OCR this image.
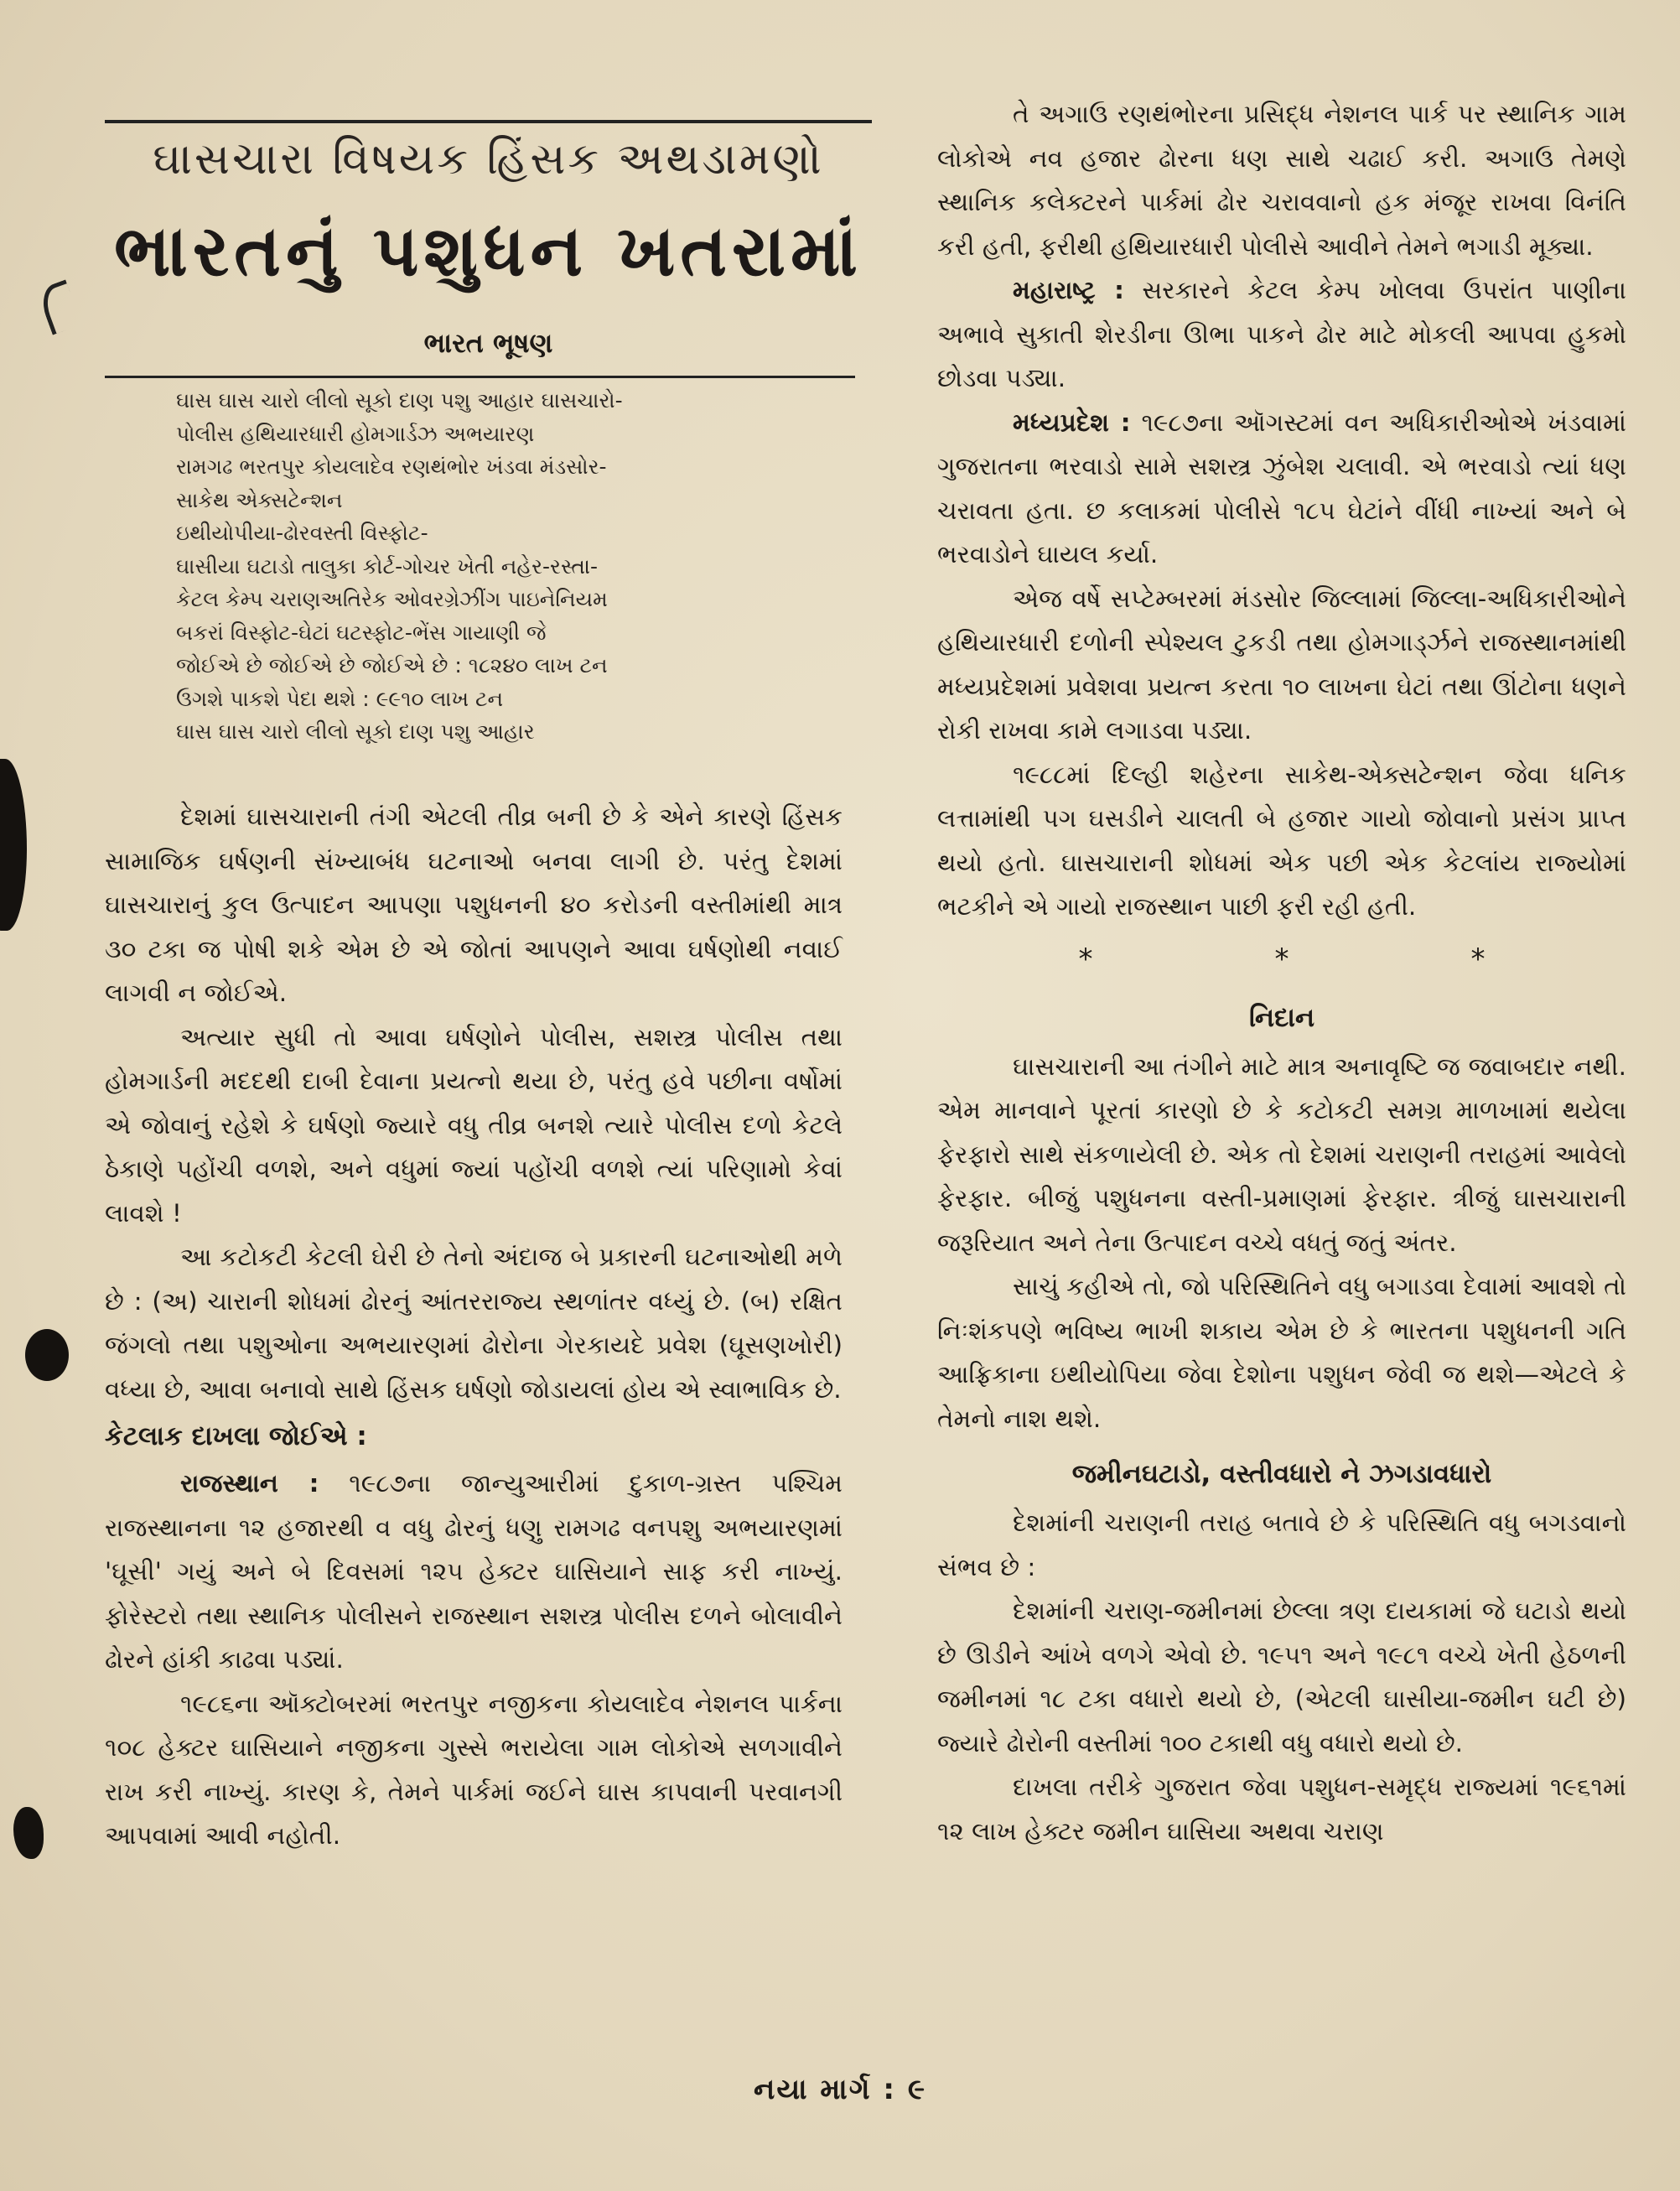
ઘાસચારા વિષયક હિંસક અથડામણો
ભારતનું પશુધન ખતરામાં
ભારત ભૂષણ
ઘાસ ઘાસ ચારો લીલો સૂકો દાણ પશુ આહાર ઘાસચારો-
પોલીસ હથિયારધારી હોમગાર્ડઝ અભયારણ
રામગઢ ભરતપુર કોયલાદેવ રણથંભોર ખંડવા મંડસોર-
સાકેથ એક્સટેન્શન
ઇથીયોપીયા-ઢોરવસ્તી વિસ્ફોટ-
ઘાસીયા ઘટાડો તાલુકા કોર્ટ-ગોચર ખેતી નહેર-રસ્તા-
કેટલ કેમ્પ ચરાણઅતિરેક ઓવરગ્રેઝીંગ પાઇનેનિયમ
બકરાં વિસ્ફોટ-ઘેટાં ઘટસ્ફોટ-ભેંસ ગાયાણી જે
જોઈએ છે જોઈએ છે જોઈએ છે : ૧૮૨૪૦ લાખ ટન
ઉગશે પાકશે પેદા થશે : ૯૯૧૦ લાખ ટન
ઘાસ ઘાસ ચારો લીલો સૂકો દાણ પશુ આહાર

દેશમાં ઘાસચારાની તંગી એટલી તીવ્ર બની છે કે એને કારણે હિંસક સામાજિક ઘર્ષણની સંખ્યાબંધ ઘટનાઓ બનવા લાગી છે. પરંતુ દેશમાં ઘાસચારાનું કુલ ઉત્પાદન આપણા પશુધનની ૪૦ કરોડની વસ્તીમાંથી માત્ર ૩૦ ટકા જ પોષી શકે એમ છે એ જોતાં આપણને આવા ઘર્ષણોથી નવાઈ લાગવી ન જોઈએ.

અત્યાર સુધી તો આવા ઘર્ષણોને પોલીસ, સશસ્ત્ર પોલીસ તથા હોમગાર્ડની મદદથી દાબી દેવાના પ્રયત્નો થયા છે, પરંતુ હવે પછીના વર્ષોમાં એ જોવાનું રહેશે કે ઘર્ષણો જ્યારે વધુ તીવ્ર બનશે ત્યારે પોલીસ દળો કેટલે ઠેકાણે પહોંચી વળશે, અને વધુમાં જ્યાં પહોંચી વળશે ત્યાં પરિણામો કેવાં લાવશે !

આ કટોકટી કેટલી ઘેરી છે તેનો અંદાજ બે પ્રકારની ઘટનાઓથી મળે છે : (અ) ચારાની શોધમાં ઢોરનું આંતરરાજ્ય સ્થળાંતર વધ્યું છે. (બ) રક્ષિત જંગલો તથા પશુઓના અભયારણમાં ઢોરોના ગેરકાયદે પ્રવેશ (ઘૂસણખોરી) વધ્યા છે, આવા બનાવો સાથે હિંસક ઘર્ષણો જોડાયલાં હોય એ સ્વાભાવિક છે.

કેટલાક દાખલા જોઈએ :

રાજસ્થાન : ૧૯૮૭ના જાન્યુઆરીમાં દુકાળ-ગ્રસ્ત પશ્ચિમ રાજસ્થાનના ૧૨ હજારથી વ વધુ ઢોરનું ધણુ રામગઢ વનપશુ અભયારણમાં 'ઘૂસી' ગયું અને બે દિવસમાં ૧૨૫ હેક્ટર ઘાસિયાને સાફ કરી નાખ્યું. ફોરેસ્ટરો તથા સ્થાનિક પોલીસને રાજસ્થાન સશસ્ત્ર પોલીસ દળને બોલાવીને ઢોરને હાંકી કાઢવા પડ્યાં.

૧૯૮૬ના ઑક્ટોબરમાં ભરતપુર નજીકના કોયલાદેવ નેશનલ પાર્કના ૧૦૮ હેક્ટર ઘાસિયાને નજીકના ગુસ્સે ભરાયેલા ગામ લોકોએ સળગાવીને રાખ કરી નાખ્યું. કારણ કે, તેમને પાર્કમાં જઈને ઘાસ કાપવાની પરવાનગી આપવામાં આવી નહોતી.

તે અગાઉ રણથંભોરના પ્રસિદ્ધ નેશનલ પાર્ક પર સ્થાનિક ગામ લોકોએ નવ હજાર ઢોરના ધણ સાથે ચઢાઈ કરી. અગાઉ તેમણે સ્થાનિક કલેક્ટરને પાર્કમાં ઢોર ચરાવવાનો હક મંજૂર રાખવા વિનંતિ કરી હતી, ફરીથી હથિયારધારી પોલીસે આવીને તેમને ભગાડી મૂક્યા.

મહારાષ્ટ્ર : સરકારને કેટલ કેમ્પ ખોલવા ઉપરાંત પાણીના અભાવે સુકાતી શેરડીના ઊભા પાકને ઢોર માટે મોકલી આપવા હુકમો છોડવા પડ્યા.

મધ્યપ્રદેશ : ૧૯૮૭ના ઑગસ્ટમાં વન અધિકારીઓએ ખંડવામાં ગુજરાતના ભરવાડો સામે સશસ્ત્ર ઝુંબેશ ચલાવી. એ ભરવાડો ત્યાં ધણ ચરાવતા હતા. છ કલાકમાં પોલીસે ૧૮૫ ઘેટાંને વીંધી નાખ્યાં અને બે ભરવાડોને ઘાયલ કર્યા.

એજ વર્ષે સપ્ટેમ્બરમાં મંડસોર જિલ્લામાં જિલ્લા-અધિકારીઓને હથિયારધારી દળોની સ્પેશ્યલ ટુકડી તથા હોમગાર્ડ્ઝને રાજસ્થાનમાંથી મધ્યપ્રદેશમાં પ્રવેશવા પ્રયત્ન કરતા ૧૦ લાખના ઘેટાં તથા ઊંટોના ધણને રોકી રાખવા કામે લગાડવા પડ્યા.

૧૯૮૮માં દિલ્હી શહેરના સાકેથ-એક્સટેન્શન જેવા ધનિક લત્તામાંથી પગ ઘસડીને ચાલતી બે હજાર ગાયો જોવાનો પ્રસંગ પ્રાપ્ત થયો હતો. ઘાસચારાની શોધમાં એક પછી એક કેટલાંય રાજ્યોમાં ભટકીને એ ગાયો રાજસ્થાન પાછી ફરી રહી હતી.

*	*	*
નિદાન

ઘાસચારાની આ તંગીને માટે માત્ર અનાવૃષ્ટિ જ જવાબદાર નથી. એમ માનવાને પૂરતાં કારણો છે કે કટોકટી સમગ્ર માળખામાં થયેલા ફેરફારો સાથે સંકળાયેલી છે. એક તો દેશમાં ચરાણની તરાહમાં આવેલો ફેરફાર. બીજું પશુધનના વસ્તી-પ્રમાણમાં ફેરફાર. ત્રીજું ઘાસચારાની જરૂરિયાત અને તેના ઉત્પાદન વચ્ચે વધતું જતું અંતર.

સાચું કહીએ તો, જો પરિસ્થિતિને વધુ બગાડવા દેવામાં આવશે તો નિઃશંકપણે ભવિષ્ય ભાખી શકાય એમ છે કે ભારતના પશુધનની ગતિ આફ્રિકાના ઇથીયોપિયા જેવા દેશોના પશુધન જેવી જ થશે—એટલે કે તેમનો નાશ થશે.

જમીનઘટાડો, વસ્તીવધારો ને ઝગડાવધારો

દેશમાંની ચરાણની તરાહ બતાવે છે કે પરિસ્થિતિ વધુ બગડવાનો સંભવ છે :

દેશમાંની ચરાણ-જમીનમાં છેલ્લા ત્રણ દાયકામાં જે ઘટાડો થયો છે ઊડીને આંખે વળગે એવો છે. ૧૯૫૧ અને ૧૯૮૧ વચ્ચે ખેતી હેઠળની જમીનમાં ૧૮ ટકા વધારો થયો છે, (એટલી ઘાસીયા-જમીન ઘટી છે) જ્યારે ઢોરોની વસ્તીમાં ૧૦૦ ટકાથી વધુ વધારો થયો છે.

દાખલા તરીકે ગુજરાત જેવા પશુધન-સમૃદ્ધ રાજ્યમાં ૧૯૬૧માં ૧૨ લાખ હેક્ટર જમીન ઘાસિયા અથવા ચરાણ

નયા માર્ગ : ૯
